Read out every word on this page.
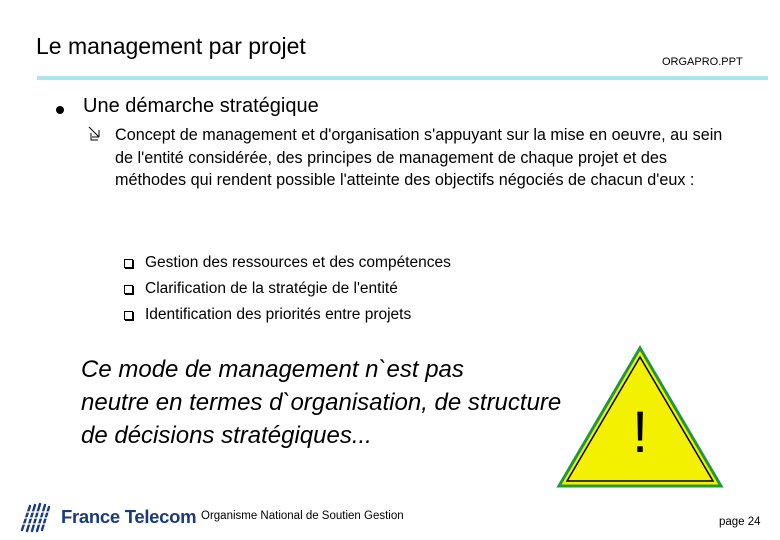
Le management par projet
ORGAPRO.PPT
Une démarche stratégique
Concept de management et d'organisation s'appuyant sur la mise en oeuvre, au sein de l'entité considérée, des principes de management de chaque projet et des méthodes qui rendent possible l'atteinte des objectifs négociés de chacun d'eux :
Gestion des ressources et des compétences
Clarification de la stratégie de l'entité
Identification des priorités entre projets
!
Ce mode de management n`est pas
neutre en termes d`organisation, de structure
de décisions stratégiques...
France Telecom Organisme National de Soutien Gestion	page 24
